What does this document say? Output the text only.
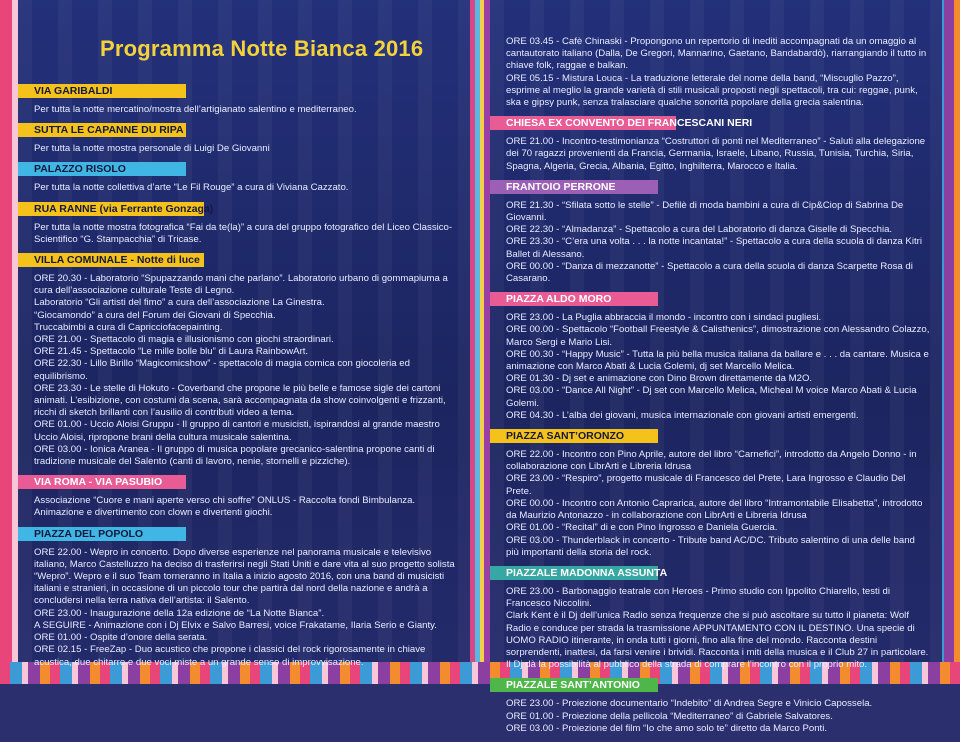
Programma Notte Bianca 2016
VIA GARIBALDI

Per tutta la notte mercatino/mostra dell’artigianato salentino e mediterraneo.

SUTTA LE CAPANNE DU RIPA

Per tutta la notte mostra personale di Luigi De Giovanni

PALAZZO RISOLO

Per tutta la notte collettiva d’arte “Le Fil Rouge” a cura di Viviana Cazzato.

RUA RANNE (via Ferrante Gonzaga)

Per tutta la notte mostra fotografica “Fai da te(la)” a cura del gruppo fotografico del Liceo Classico-Scientifico “G. Stampacchia” di Tricase.

VILLA COMUNALE - Notte di luce

ORE 20.30 - Laboratorio “Spupazzando mani che parlano”. Laboratorio urbano di gommapiuma a cura dell’associazione culturale Teste di Legno.

Laboratorio “Gli artisti del fimo” a cura dell’associazione La Ginestra.

“Giocamondo” a cura del Forum dei Giovani di Specchia.

Truccabimbi a cura di Capricciofacepainting.

ORE 21.00 - Spettacolo di magia e illusionismo con giochi straordinari.

ORE 21.45 - Spettacolo “Le mille bolle blu” di Laura RainbowArt.

ORE 22.30 - Lillo Birillo “Magicomicshow” - spettacolo di magia comica con giocoleria ed equilibrismo.

ORE 23.30 - Le stelle di Hokuto - Coverband che propone le più belle e famose sigle dei cartoni animati. L’esibizione, con costumi da scena, sarà accompagnata da show coinvolgenti e frizzanti, ricchi di sketch brillanti con l’ausilio di contributi video a tema.

ORE 01.00 - Uccio Aloisi Gruppu - Il gruppo di cantori e musicisti, ispirandosi al grande maestro Uccio Aloisi, ripropone brani della cultura musicale salentina.

ORE 03.00 - Ionica Aranea - Il gruppo di musica popolare grecanico-salentina propone canti di tradizione musicale del Salento (canti di lavoro, nenie, stornelli e pizziche).

VIA ROMA - VIA PASUBIO

Associazione “Cuore e mani aperte verso chi soffre” ONLUS - Raccolta fondi Bimbulanza. Animazione e divertimento con clown e divertenti giochi.

PIAZZA DEL POPOLO

ORE 22.00 - Wepro in concerto. Dopo diverse esperienze nel panorama musicale e televisivo italiano, Marco Castelluzzo ha deciso di trasferirsi negli Stati Uniti e dare vita al suo progetto solista “Wepro”. Wepro e il suo Team torneranno in Italia a inizio agosto 2016, con una band di musicisti italiani e stranieri, in occasione di un piccolo tour che partirà dal nord della nazione e andrà a concludersi nella terra nativa dell’artista: il Salento.

ORE 23.00 - Inaugurazione della 12a edizione de “La Notte Bianca”.

A SEGUIRE - Animazione con i Dj Elvix e Salvo Barresi, voice Frakatame, Ilaria Serio e Gianty.

ORE 01.00 - Ospite d’onore della serata.

ORE 02.15 - FreeZap - Duo acustico che propone i classici del rock rigorosamente in chiave acustica, due chitarre e due voci miste a un grande senso di improvvisazione.

ORE 03.45 - Cafè Chinaski - Propongono un repertorio di inediti accompagnati da un omaggio al cantautorato italiano (Dalla, De Gregori, Mannarino, Gaetano, Bandabardò), riarrangiando il tutto in chiave folk, raggae e balkan.

ORE 05.15 - Mistura Louca - La traduzione letterale del nome della band, “Miscuglio Pazzo”, esprime al meglio la grande varietà di stili musicali proposti negli spettacoli, tra cui: reggae, punk, ska e gipsy punk, senza tralasciare qualche sonorità popolare della grecia salentina.

CHIESA EX CONVENTO DEI FRANCESCANI NERI

ORE 21.00 - Incontro-testimonianza “Costruttori di ponti nel Mediterraneo” - Saluti alla delegazione dei 70 ragazzi provenienti da Francia, Germania, Israele, Libano, Russia, Tunisia, Turchia, Siria, Spagna, Algeria, Grecia, Albania, Egitto, Inghilterra, Marocco e Italia.

FRANTOIO PERRONE

ORE 21.30 - “Sfilata sotto le stelle” - Defilè di moda bambini a cura di Cip&Ciop di Sabrina De Giovanni.

ORE 22.30 - “Almadanza” - Spettacolo a cura del Laboratorio di danza Giselle di Specchia.

ORE 23.30 - “C’era una volta . . . la notte incantata!” - Spettacolo a cura della scuola di danza Kitri Ballet di Alessano.

ORE 00.00 - “Danza di mezzanotte” - Spettacolo a cura della scuola di danza Scarpette Rosa di Casarano.

PIAZZA ALDO MORO

ORE 23.00 - La Puglia abbraccia il mondo - incontro con i sindaci pugliesi.

ORE 00.00 - Spettacolo “Football Freestyle & Calisthenics”, dimostrazione con Alessandro Colazzo, Marco Sergi e Mario Lisi.

ORE 00.30 - “Happy Music” - Tutta la più bella musica italiana da ballare e . . . da cantare. Musica e animazione con Marco Abati & Lucia Golemi, dj set Marcello Melica.

ORE 01.30 - Dj set e animazione con Dino Brown direttamente da M2O.

ORE 03.00 - “Dance All Night” - Dj set con Marcello Melica, Micheal M voice Marco Abati & Lucia Golemi.

ORE 04.30 - L’alba dei giovani, musica internazionale con giovani artisti emergenti.

PIAZZA SANT’ORONZO

ORE 22.00 - Incontro con Pino Aprile, autore del libro “Carnefici”, introdotto da Angelo Donno - in collaborazione con LibrArti e Libreria Idrusa

ORE 23.00 - “Respiro”, progetto musicale di Francesco del Prete, Lara Ingrosso e Claudio Del Prete.

ORE 00.00 - Incontro con Antonio Caprarica, autore del libro “Intramontabile Elisabetta”, introdotto da Maurizio Antonazzo - in collaborazione con LibrArti e Libreria Idrusa

ORE 01.00 - “Recital” di e con Pino Ingrosso e Daniela Guercia.

ORE 03.00 - Thunderblack in concerto - Tribute band AC/DC. Tributo salentino di una delle band più importanti della storia del rock.

PIAZZALE MADONNA ASSUNTA

ORE 23.00 - Barbonaggio teatrale con Heroes - Primo studio con Ippolito Chiarello, testi di Francesco Niccolini.

Clark Kent è il Dj dell’unica Radio senza frequenze che si può ascoltare su tutto il pianeta: Wolf Radio e conduce per strada la trasmissione APPUNTAMENTO CON IL DESTINO. Una specie di UOMO RADIO itinerante, in onda tutti i giorni, fino alla fine del mondo. Racconta destini sorprendenti, inattesi, da farsi venire i brividi. Racconta i miti della musica e il Club 27 in particolare. Il Dj dà la possibilità al pubblico della strada di comprare l’incontro con il proprio mito.

PIAZZALE SANT’ANTONIO

ORE 23.00 - Proiezione documentario “Indebito” di Andrea Segre e Vinicio Capossela.

ORE 01.00 - Proiezione della pellicola “Mediterraneo” di Gabriele Salvatores.

ORE 03.00 - Proiezione del film “Io che amo solo te” diretto da Marco Ponti.
